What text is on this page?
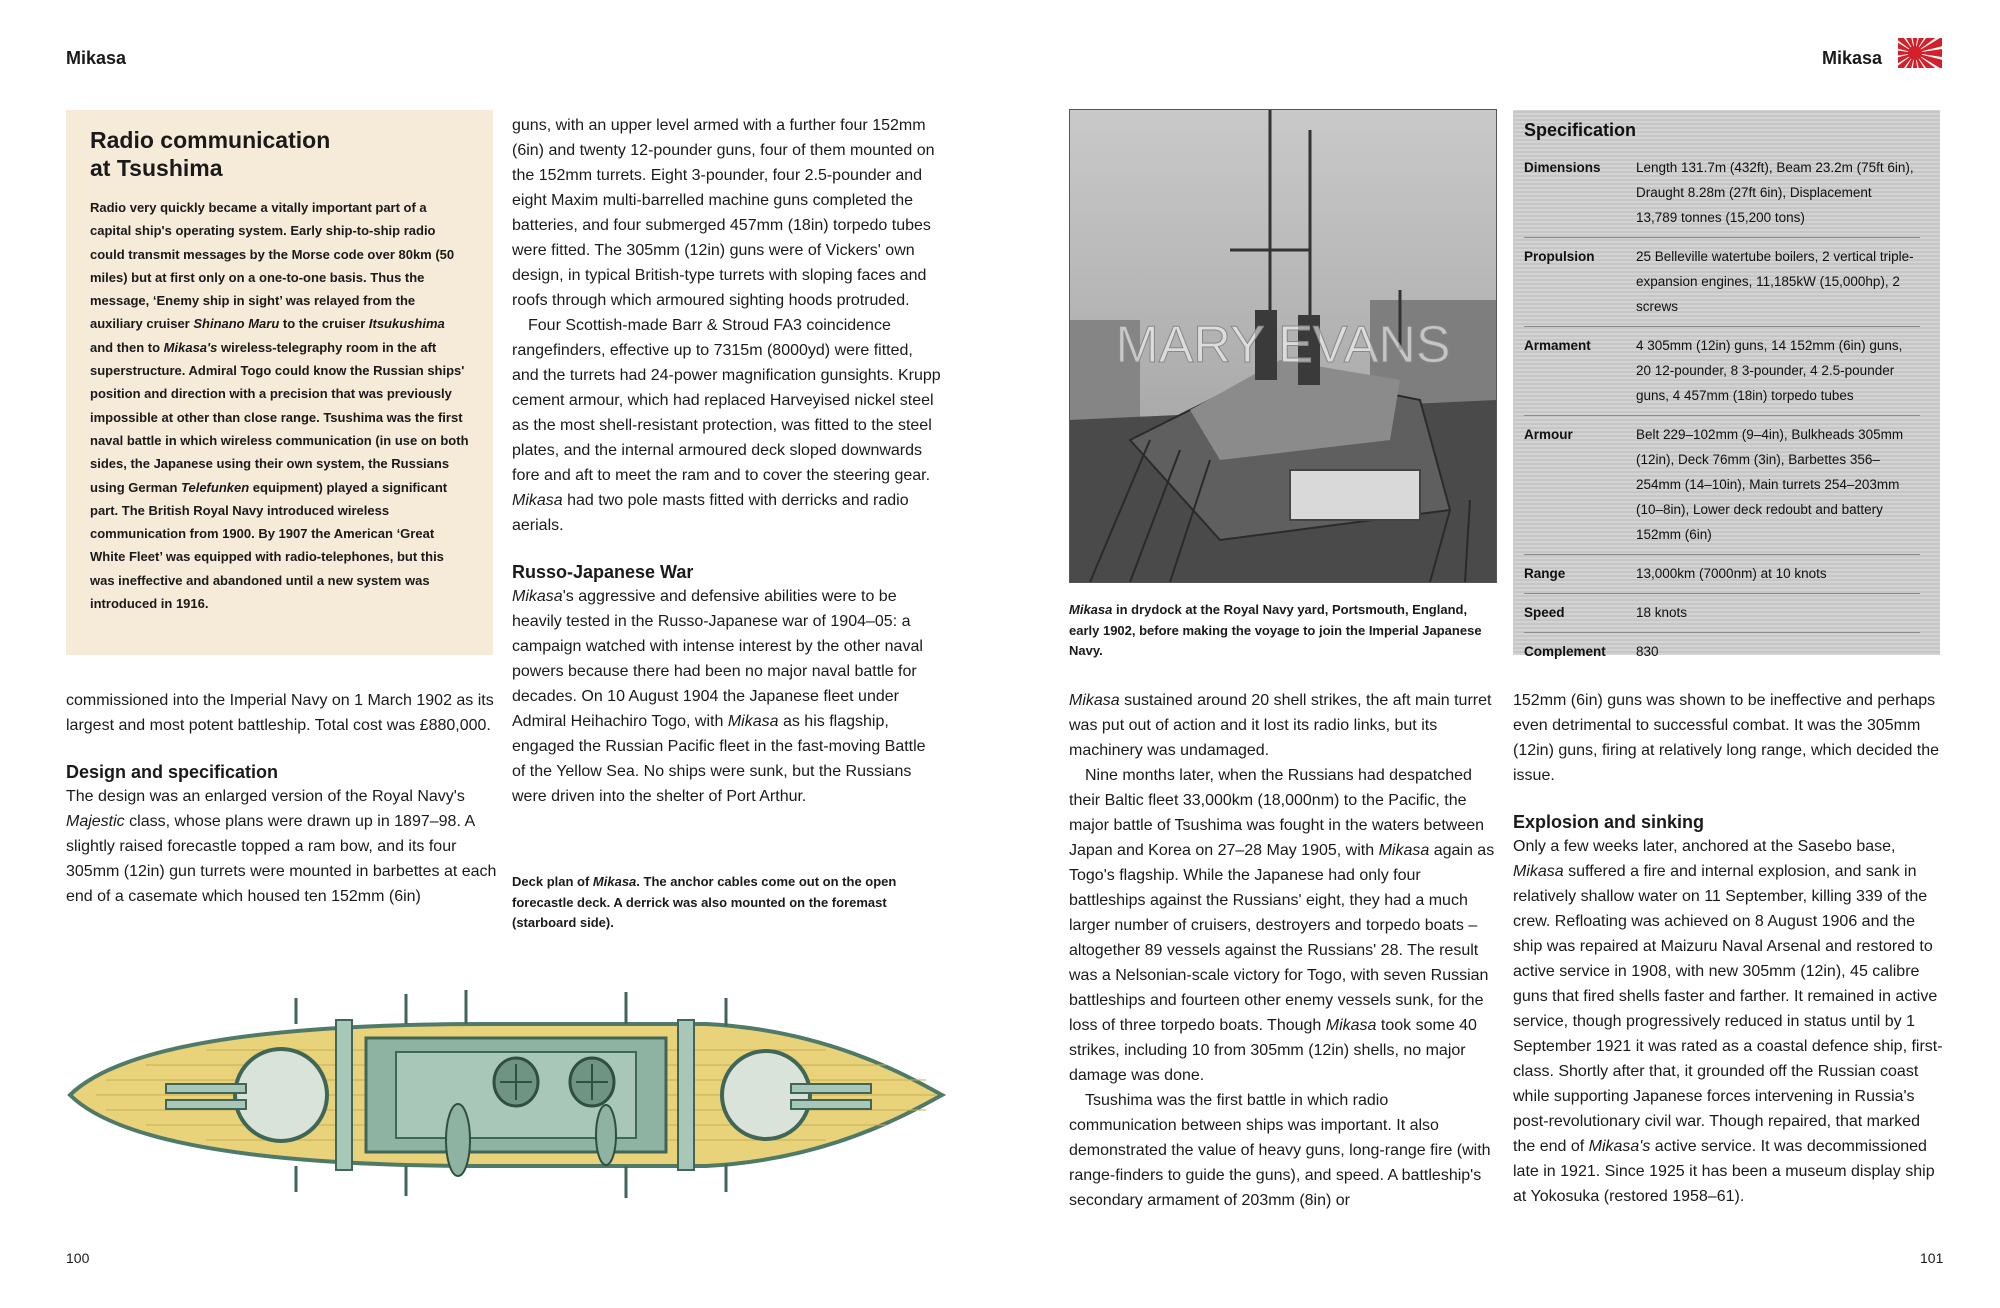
Mikasa	Mikasa
Radio communication
at Tsushima

Radio very quickly became a vitally important part of a capital ship's operating system. Early ship-to-ship radio could transmit messages by the Morse code over 80km (50 miles) but at first only on a one-to-one basis. Thus the message, ‘Enemy ship in sight’ was relayed from the auxiliary cruiser Shinano Maru to the cruiser Itsukushima and then to Mikasa's wireless-telegraphy room in the aft superstructure. Admiral Togo could know the Russian ships' position and direction with a precision that was previously impossible at other than close range. Tsushima was the first naval battle in which wireless communication (in use on both sides, the Japanese using their own system, the Russians using German Telefunken equipment) played a significant part. The British Royal Navy introduced wireless communication from 1900. By 1907 the American ‘Great White Fleet’ was equipped with radio-telephones, but this was ineffective and abandoned until a new system was introduced in 1916.

commissioned into the Imperial Navy on 1 March 1902 as its largest and most potent battleship. Total cost was £880,000.

Design and specification

The design was an enlarged version of the Royal Navy's Majestic class, whose plans were drawn up in 1897–98. A slightly raised forecastle topped a ram bow, and its four 305mm (12in) gun turrets were mounted in barbettes at each end of a casemate which housed ten 152mm (6in)

guns, with an upper level armed with a further four 152mm (6in) and twenty 12-pounder guns, four of them mounted on the 152mm turrets. Eight 3-pounder, four 2.5-pounder and eight Maxim multi-barrelled machine guns completed the batteries, and four submerged 457mm (18in) torpedo tubes were fitted. The 305mm (12in) guns were of Vickers' own design, in typical British-type turrets with sloping faces and roofs through which armoured sighting hoods protruded.

Four Scottish-made Barr & Stroud FA3 coincidence rangefinders, effective up to 7315m (8000yd) were fitted, and the turrets had 24-power magnification gunsights. Krupp cement armour, which had replaced Harveyised nickel steel as the most shell-resistant protection, was fitted to the steel plates, and the internal armoured deck sloped downwards fore and aft to meet the ram and to cover the steering gear. Mikasa had two pole masts fitted with derricks and radio aerials.

Russo-Japanese War

Mikasa's aggressive and defensive abilities were to be heavily tested in the Russo-Japanese war of 1904–05: a campaign watched with intense interest by the other naval powers because there had been no major naval battle for decades. On 10 August 1904 the Japanese fleet under Admiral Heihachiro Togo, with Mikasa as his flagship, engaged the Russian Pacific fleet in the fast-moving Battle of the Yellow Sea. No ships were sunk, but the Russians were driven into the shelter of Port Arthur.

Deck plan of Mikasa. The anchor cables come out on the open forecastle deck. A derrick was also mounted on the foremast (starboard side).
MARY EVANS
Mikasa in drydock at the Royal Navy yard, Portsmouth, England, early 1902, before making the voyage to join the Imperial Japanese Navy.
Specification
Dimensions	Length 131.7m (432ft), Beam 23.2m (75ft 6in), Draught 8.28m (27ft 6in), Displacement 13,789 tonnes (15,200 tons)
Propulsion	25 Belleville watertube boilers, 2 vertical triple-expansion engines, 11,185kW (15,000hp), 2 screws
Armament	4 305mm (12in) guns, 14 152mm (6in) guns, 20 12-pounder, 8 3-pounder, 4 2.5-pounder guns, 4 457mm (18in) torpedo tubes
Armour	Belt 229–102mm (9–4in), Bulkheads 305mm (12in), Deck 76mm (3in), Barbettes 356–254mm (14–10in), Main turrets 254–203mm (10–8in), Lower deck redoubt and battery 152mm (6in)
Range	13,000km (7000nm) at 10 knots
Speed	18 knots
Complement	830

Mikasa sustained around 20 shell strikes, the aft main turret was put out of action and it lost its radio links, but its machinery was undamaged.

Nine months later, when the Russians had despatched their Baltic fleet 33,000km (18,000nm) to the Pacific, the major battle of Tsushima was fought in the waters between Japan and Korea on 27–28 May 1905, with Mikasa again as Togo's flagship. While the Japanese had only four battleships against the Russians' eight, they had a much larger number of cruisers, destroyers and torpedo boats – altogether 89 vessels against the Russians' 28. The result was a Nelsonian-scale victory for Togo, with seven Russian battleships and fourteen other enemy vessels sunk, for the loss of three torpedo boats. Though Mikasa took some 40 strikes, including 10 from 305mm (12in) shells, no major damage was done.

Tsushima was the first battle in which radio communication between ships was important. It also demonstrated the value of heavy guns, long-range fire (with range-finders to guide the guns), and speed. A battleship's secondary armament of 203mm (8in) or

152mm (6in) guns was shown to be ineffective and perhaps even detrimental to successful combat. It was the 305mm (12in) guns, firing at relatively long range, which decided the issue.

Explosion and sinking

Only a few weeks later, anchored at the Sasebo base, Mikasa suffered a fire and internal explosion, and sank in relatively shallow water on 11 September, killing 339 of the crew. Refloating was achieved on 8 August 1906 and the ship was repaired at Maizuru Naval Arsenal and restored to active service in 1908, with new 305mm (12in), 45 calibre guns that fired shells faster and farther. It remained in active service, though progressively reduced in status until by 1 September 1921 it was rated as a coastal defence ship, first-class. Shortly after that, it grounded off the Russian coast while supporting Japanese forces intervening in Russia's post-revolutionary civil war. Though repaired, that marked the end of Mikasa's active service. It was decommissioned late in 1921. Since 1925 it has been a museum display ship at Yokosuka (restored 1958–61).

100	101
